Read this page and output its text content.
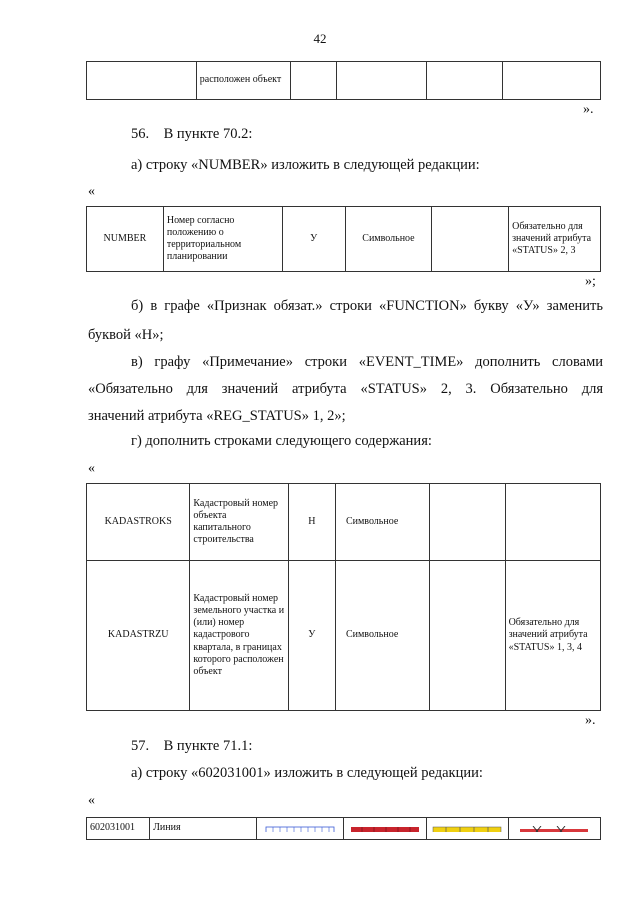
42
	расположен объект				
».

56.    В пункте 70.2:

а) строку «NUMBER» изложить в следующей редакции:

«
NUMBER	Номер согласно положению о территориальном планировании	У	Символьное		Обязательно для значений атрибута «STATUS» 2, 3
»;

б) в графе «Признак обязат.» строки «FUNCTION» букву «У» заменить

буквой «Н»;

в) графу «Примечание» строки «EVENT_TIME» дополнить словами

«Обязательно для значений атрибута «STATUS» 2, 3. Обязательно для

значений атрибута «REG_STATUS» 1, 2»;

г) дополнить строками следующего содержания:

«
KADASTROKS	Кадастровый номер объекта капитального строительства	Н	Символьное		
KADASTRZU	Кадастровый номер земельного участка и (или) номер кадастрового квартала, в границах которого расположен объект	У	Символьное		Обязательно для значений атрибута «STATUS» 1, 3, 4
».

57.    В пункте 71.1:

а) строку «602031001» изложить в следующей редакции:

«
602031001	Линия	
